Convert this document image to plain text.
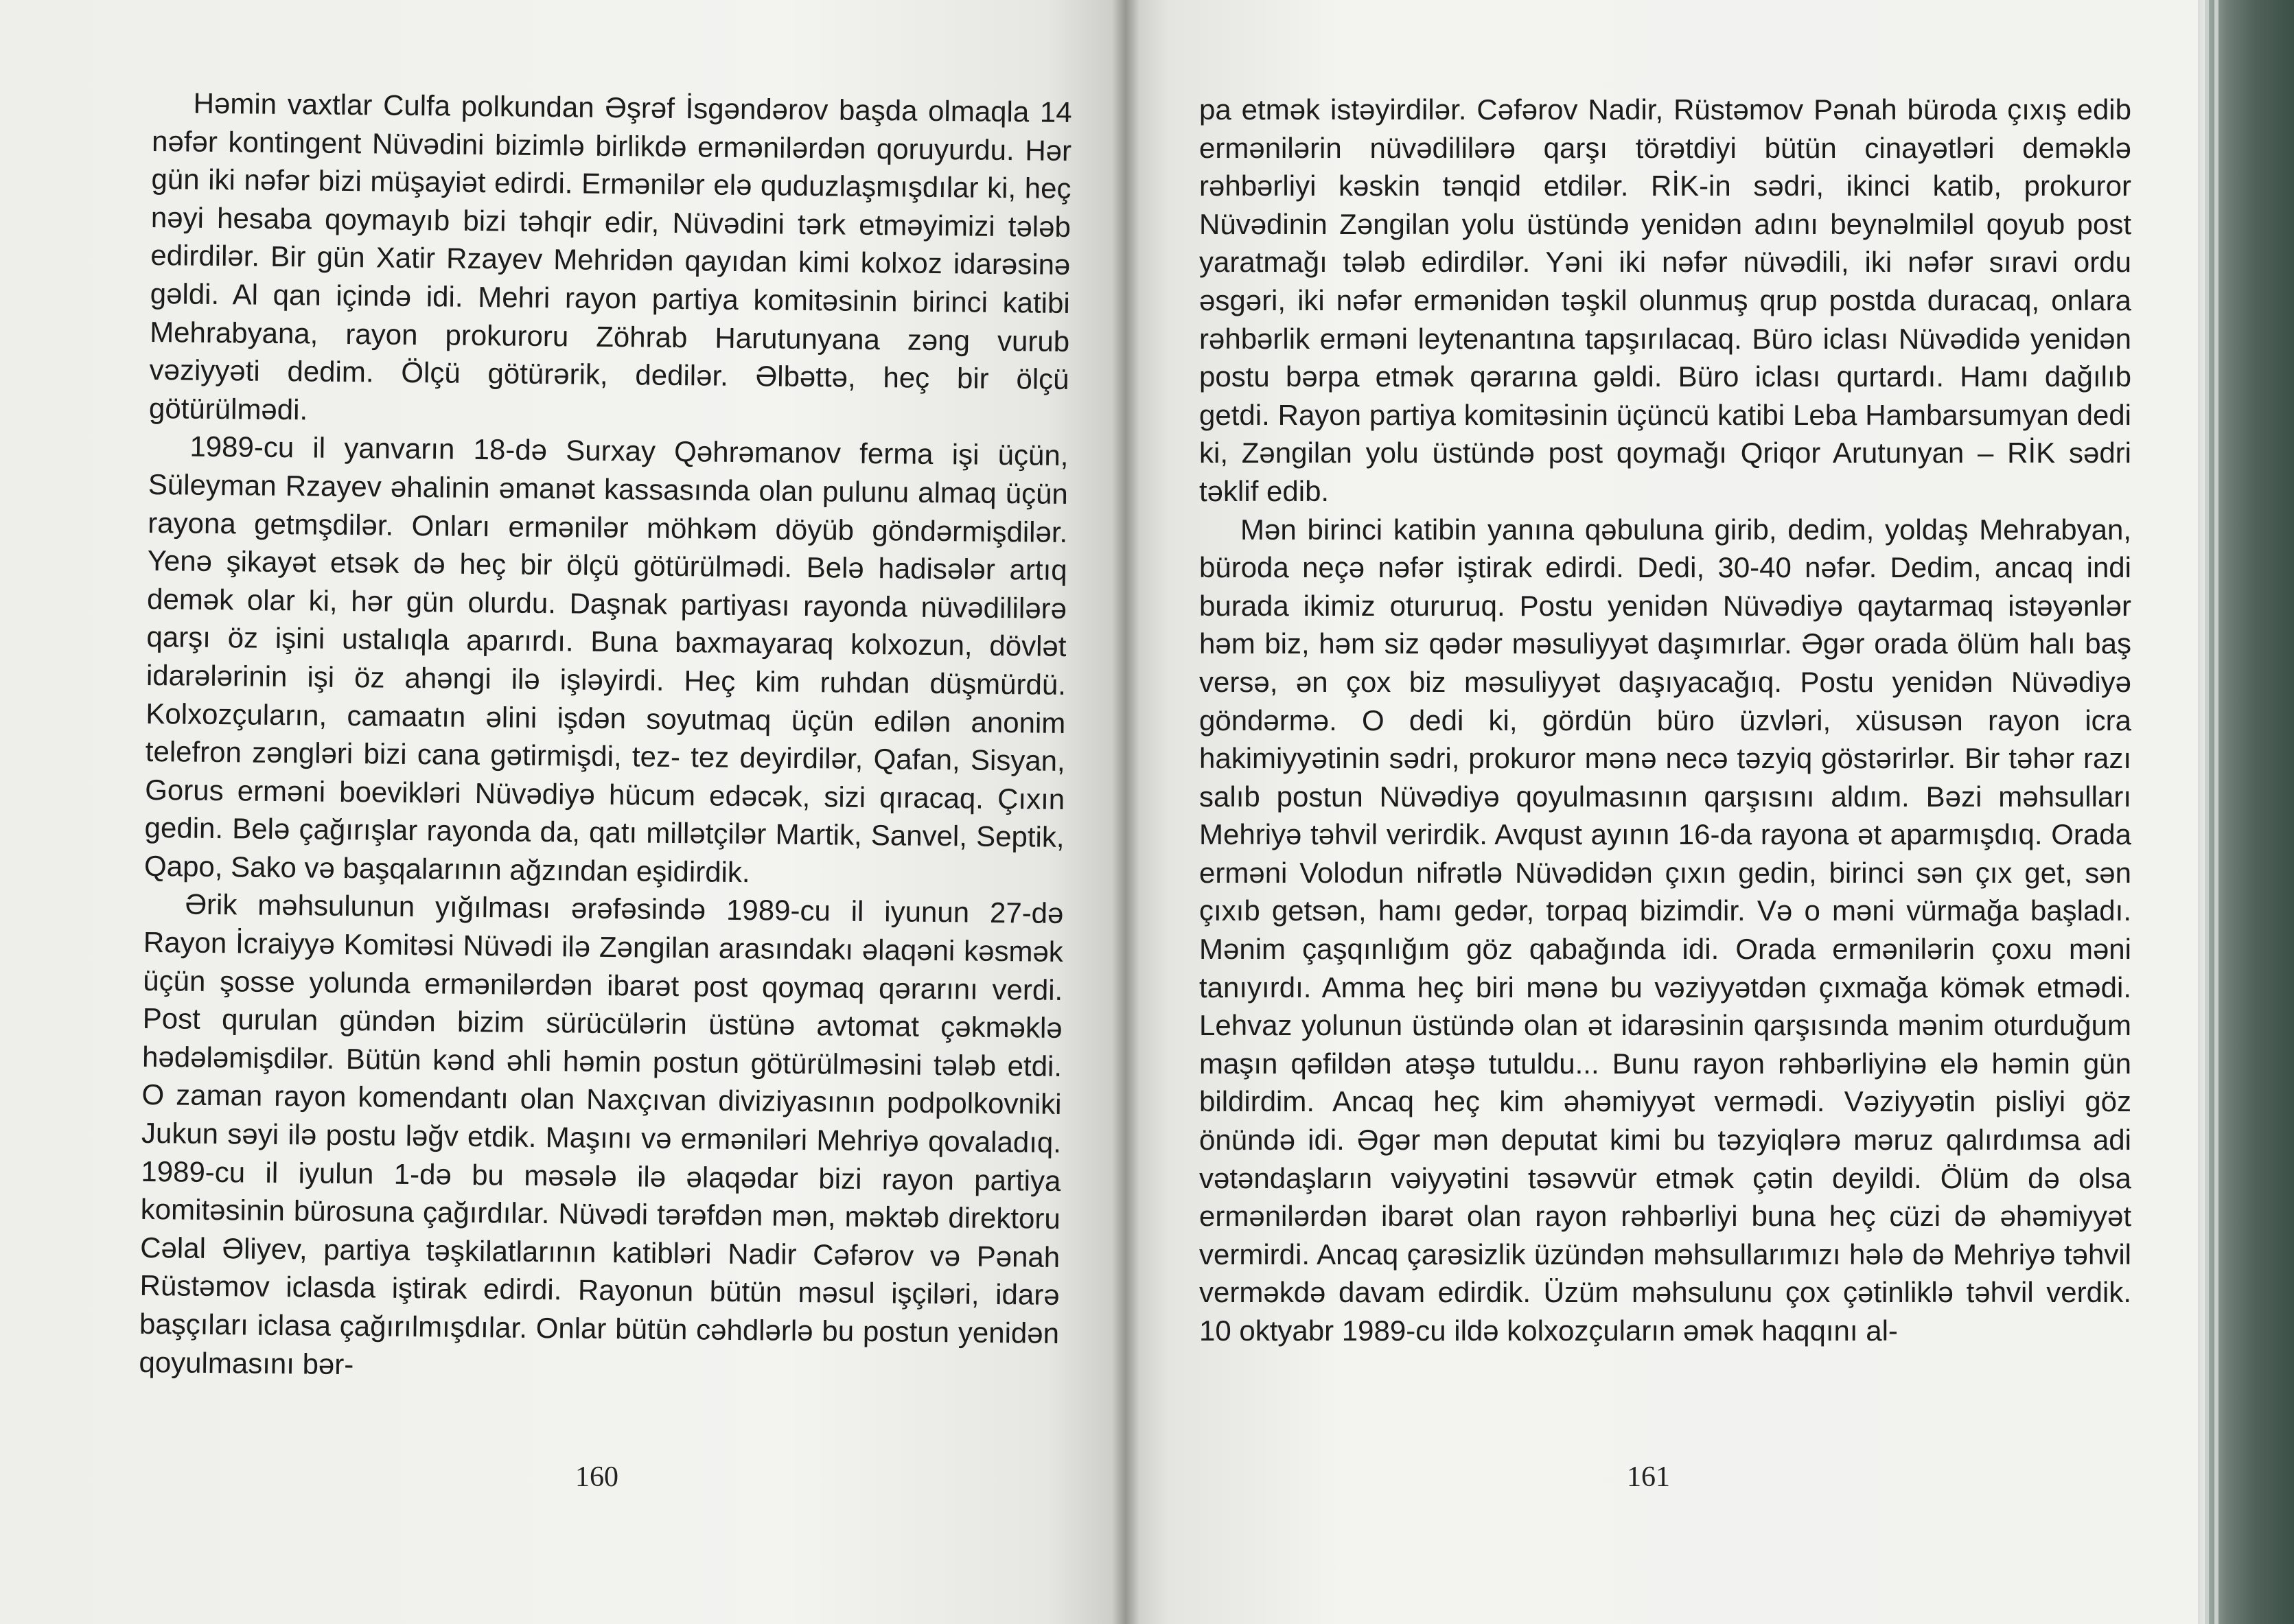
Həmin vaxtlar Culfa polkundan Əşrəf İsgəndərov başda olmaqla 14 nəfər kontingent Nüvədini bizimlə birlikdə ermənilərdən qoruyurdu. Hər gün iki nəfər bizi müşayiət edirdi. Ermənilər elə quduzlaşmışdılar ki, heç nəyi hesaba qoymayıb bizi təhqir edir, Nüvədini tərk etməyimizi tələb edirdilər. Bir gün Xatir Rzayev Mehridən qayıdan kimi kolxoz idarəsinə gəldi. Al qan içində idi. Mehri rayon partiya komitəsinin birinci katibi Mehrabyana, rayon prokuroru Zöhrab Harutunyana zəng vurub vəziyyəti dedim. Ölçü götürərik, dedilər. Əlbəttə, heç bir ölçü götürülmədi.

1989-cu il yanvarın 18-də Surxay Qəhrəmanov ferma işi üçün, Süleyman Rzayev əhalinin əmanət kassasında olan pulunu almaq üçün rayona getmşdilər. Onları ermənilər möhkəm döyüb göndərmişdilər. Yenə şikayət etsək də heç bir ölçü götürülmədi. Belə hadisələr artıq demək olar ki, hər gün olurdu. Daşnak partiyası rayonda nüvədililərə qarşı öz işini ustalıqla aparırdı. Buna baxmayaraq kolxozun, dövlət idarələrinin işi öz ahəngi ilə işləyirdi. Heç kim ruhdan düşmürdü. Kolxozçuların, camaatın əlini işdən soyutmaq üçün edilən anonim telefron zəngləri bizi cana gətirmişdi, tez- tez deyirdilər, Qafan, Sisyan, Gorus erməni boevikləri Nüvədiyə hücum edəcək, sizi qıracaq. Çıxın gedin. Belə çağırışlar rayonda da, qatı millətçilər Martik, Sanvel, Septik, Qapo, Sako və başqalarının ağzından eşidirdik.

Ərik məhsulunun yığılması ərəfəsində 1989-cu il iyunun 27-də Rayon İcraiyyə Komitəsi Nüvədi ilə Zəngilan arasındakı əlaqəni kəsmək üçün şosse yolunda ermənilərdən ibarət post qoymaq qərarını verdi. Post qurulan gündən bizim sürücülərin üstünə avtomat çəkməklə hədələmişdilər. Bütün kənd əhli həmin postun götürülməsini tələb etdi. O zaman rayon komendantı olan Naxçıvan diviziyasının podpolkovniki Jukun səyi ilə postu ləğv etdik. Maşını və erməniləri Mehriyə qovaladıq. 1989-cu il iyulun 1-də bu məsələ ilə əlaqədar bizi rayon partiya komitəsinin bürosuna çağırdılar. Nüvədi tərəfdən mən, məktəb direktoru Cəlal Əliyev, partiya təşkilatlarının katibləri Nadir Cəfərov və Pənah Rüstəmov iclasda iştirak edirdi. Rayonun bütün məsul işçiləri, idarə başçıları iclasa çağırılmışdılar. Onlar bütün cəhdlərlə bu postun yenidən qoyulmasını bər-

160

pa etmək istəyirdilər. Cəfərov Nadir, Rüstəmov Pənah büroda çıxış edib ermənilərin nüvədililərə qarşı törətdiyi bütün cinayətləri deməklə rəhbərliyi kəskin tənqid etdilər. RİK-in sədri, ikinci katib, prokuror Nüvədinin Zəngilan yolu üstündə yenidən adını beynəlmiləl qoyub post yaratmağı tələb edirdilər. Yəni iki nəfər nüvədili, iki nəfər sıravi ordu əsgəri, iki nəfər ermənidən təşkil olunmuş qrup postda duracaq, onlara rəhbərlik erməni leytenantına tapşırılacaq. Büro iclası Nüvədidə yenidən postu bərpa etmək qərarına gəldi. Büro iclası qurtardı. Hamı dağılıb getdi. Rayon partiya komitəsinin üçüncü katibi Leba Hambarsumyan dedi ki, Zəngilan yolu üstündə post qoymağı Qriqor Arutunyan – RİK sədri təklif edib.

Mən birinci katibin yanına qəbuluna girib, dedim, yoldaş Mehrabyan, büroda neçə nəfər iştirak edirdi. Dedi, 30-40 nəfər. Dedim, ancaq indi burada ikimiz otururuq. Postu yenidən Nüvədiyə qaytarmaq istəyənlər həm biz, həm siz qədər məsuliyyət daşımırlar. Əgər orada ölüm halı baş versə, ən çox biz məsuliyyət daşıyacağıq. Postu yenidən Nüvədiyə göndərmə. O dedi ki, gördün büro üzvləri, xüsusən rayon icra hakimiyyətinin sədri, prokuror mənə necə təzyiq göstərirlər. Bir təhər razı salıb postun Nüvədiyə qoyulmasının qarşısını aldım. Bəzi məhsulları Mehriyə təhvil verirdik. Avqust ayının 16-da rayona ət aparmışdıq. Orada erməni Volodun nifrətlə Nüvədidən çıxın gedin, birinci sən çıx get, sən çıxıb getsən, hamı gedər, torpaq bizimdir. Və o məni vürmağa başladı. Mənim çaşqınlığım göz qabağında idi. Orada ermənilərin çoxu məni tanıyırdı. Amma heç biri mənə bu vəziyyətdən çıxmağa kömək etmədi. Lehvaz yolunun üstündə olan ət idarəsinin qarşısında mənim oturduğum maşın qəfildən atəşə tutuldu... Bunu rayon rəhbərliyinə elə həmin gün bildirdim. Ancaq heç kim əhəmiyyət vermədi. Vəziyyətin pisliyi göz önündə idi. Əgər mən deputat kimi bu təzyiqlərə məruz qalırdımsa adi vətəndaşların vəiyyətini təsəvvür etmək çətin deyildi. Ölüm də olsa ermənilərdən ibarət olan rayon rəhbərliyi buna heç cüzi də əhəmiyyət vermirdi. Ancaq çarəsizlik üzündən məhsullarımızı hələ də Mehriyə təhvil verməkdə davam edirdik. Üzüm məhsulunu çox çətinliklə təhvil verdik. 10 oktyabr 1989-cu ildə kolxozçuların əmək haqqını al-

161
